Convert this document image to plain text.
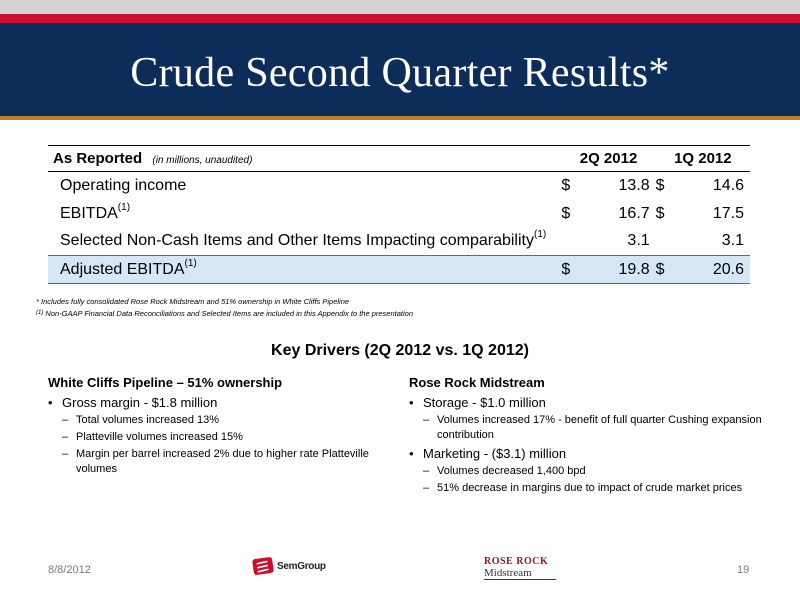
Crude Second Quarter Results*
As Reported (in millions, unaudited)	2Q 2012		1Q 2012	
Operating income	$	13.8	$	14.6
EBITDA$^{(1)}$	$	16.7	$	17.5
Selected Non-Cash Items and Other Items Impacting comparability$^{(1)}$		3.1		3.1
Adjusted EBITDA$^{(1)}$	$	19.8	$	20.6
* Includes fully consolidated Rose Rock Midstream and 51% ownership in White Cliffs Pipeline
$^{(1)}$ Non-GAAP Financial Data Reconciliations and Selected Items are included in this Appendix to the presentation
Key Drivers (2Q 2012 vs. 1Q 2012)
White Cliffs Pipeline – 51% ownership
• Gross margin - $1.8 million
– Total volumes increased 13%
– Platteville volumes increased 15%
– Margin per barrel increased 2% due to higher rate Platteville volumes
Rose Rock Midstream
• Storage - $1.0 million
– Volumes increased 17% - benefit of full quarter Cushing expansion contribution
• Marketing - ($3.1) million
– Volumes decreased 1,400 bpd
– 51% decrease in margins due to impact of crude market prices
8/8/2012	SemGroup	ROSE ROCK
Midstream	19
